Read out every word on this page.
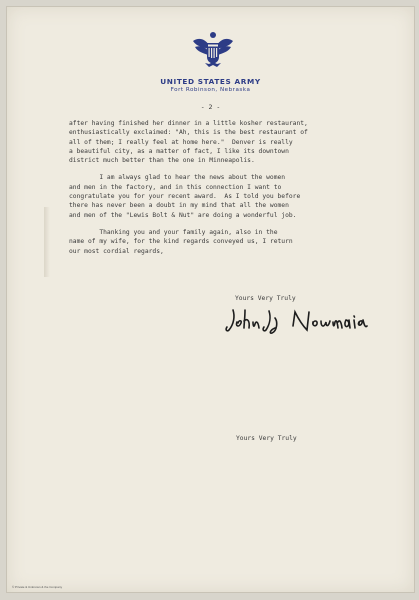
UNITED STATES ARMY
Fort Robinson, Nebraska
- 2 -

after having finished her dinner in a little kosher restaurant,
enthusiastically exclaimed: "Ah, this is the best restaurant of
all of them; I really feel at home here."  Denver is really
a beautiful city, as a matter of fact, I like its downtown
district much better than the one in Minneapolis.

I am always glad to hear the news about the women
and men in the factory, and in this connection I want to
congratulate you for your recent award.  As I told you before
there has never been a doubt in my mind that all the women
and men of the "Lewis Bolt & Nut" are doing a wonderful job.

Thanking you and your family again, also in the
name of my wife, for the kind regards conveyed us, I return
our most cordial regards,

Yours Very Truly
Yours Very Truly
© Private & Unknown & the Company
